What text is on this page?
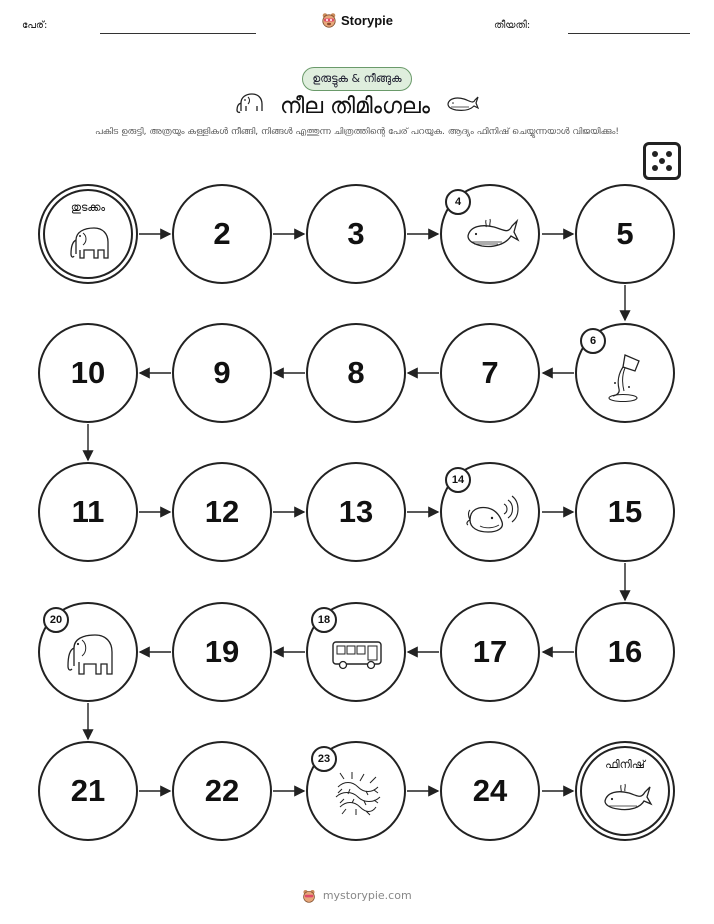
പേര്:	തീയതി:
Storypie
ഉരുട്ടുക & നീങ്ങുക
നീല തിമിംഗലം
പകിട ഉരുട്ടി, അത്രയും കള്ളികൾ നീങ്ങി, നിങ്ങൾ എത്തുന്ന ചിത്രത്തിന്റെ പേര് പറയുക. ആദ്യം ഫിനിഷ് ചെയ്യുന്നയാൾ വിജയിക്കും!
തുടക്കം
2	3
4
5
6
7
8
9
10
11	12	13
14
15
16
17
18
19
20
21	22
23
24
ഫിനിഷ്
mystorypie.com
